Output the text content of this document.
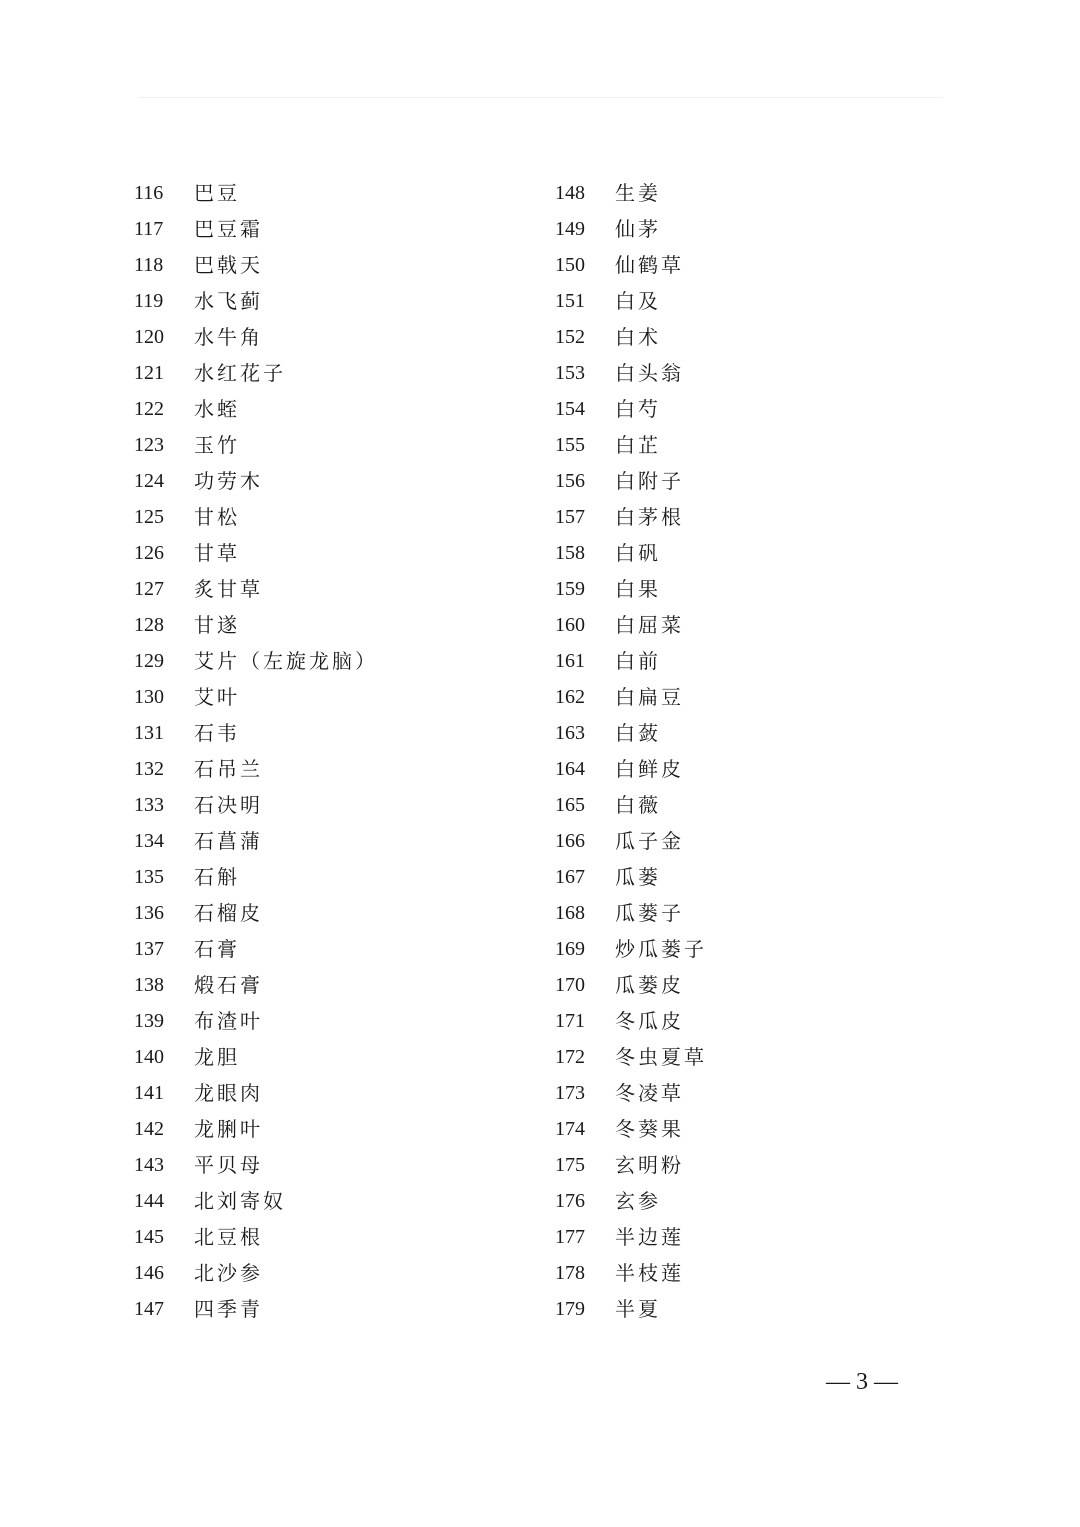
116	巴豆
117	巴豆霜
118	巴戟天
119	水飞蓟
120	水牛角
121	水红花子
122	水蛭
123	玉竹
124	功劳木
125	甘松
126	甘草
127	炙甘草
128	甘遂
129	艾片（左旋龙脑）
130	艾叶
131	石韦
132	石吊兰
133	石决明
134	石菖蒲
135	石斛
136	石榴皮
137	石膏
138	煅石膏
139	布渣叶
140	龙胆
141	龙眼肉
142	龙脷叶
143	平贝母
144	北刘寄奴
145	北豆根
146	北沙参
147	四季青
148	生姜
149	仙茅
150	仙鹤草
151	白及
152	白术
153	白头翁
154	白芍
155	白芷
156	白附子
157	白茅根
158	白矾
159	白果
160	白屈菜
161	白前
162	白扁豆
163	白蔹
164	白鲜皮
165	白薇
166	瓜子金
167	瓜蒌
168	瓜蒌子
169	炒瓜蒌子
170	瓜蒌皮
171	冬瓜皮
172	冬虫夏草
173	冬凌草
174	冬葵果
175	玄明粉
176	玄参
177	半边莲
178	半枝莲
179	半夏
— 3 —
